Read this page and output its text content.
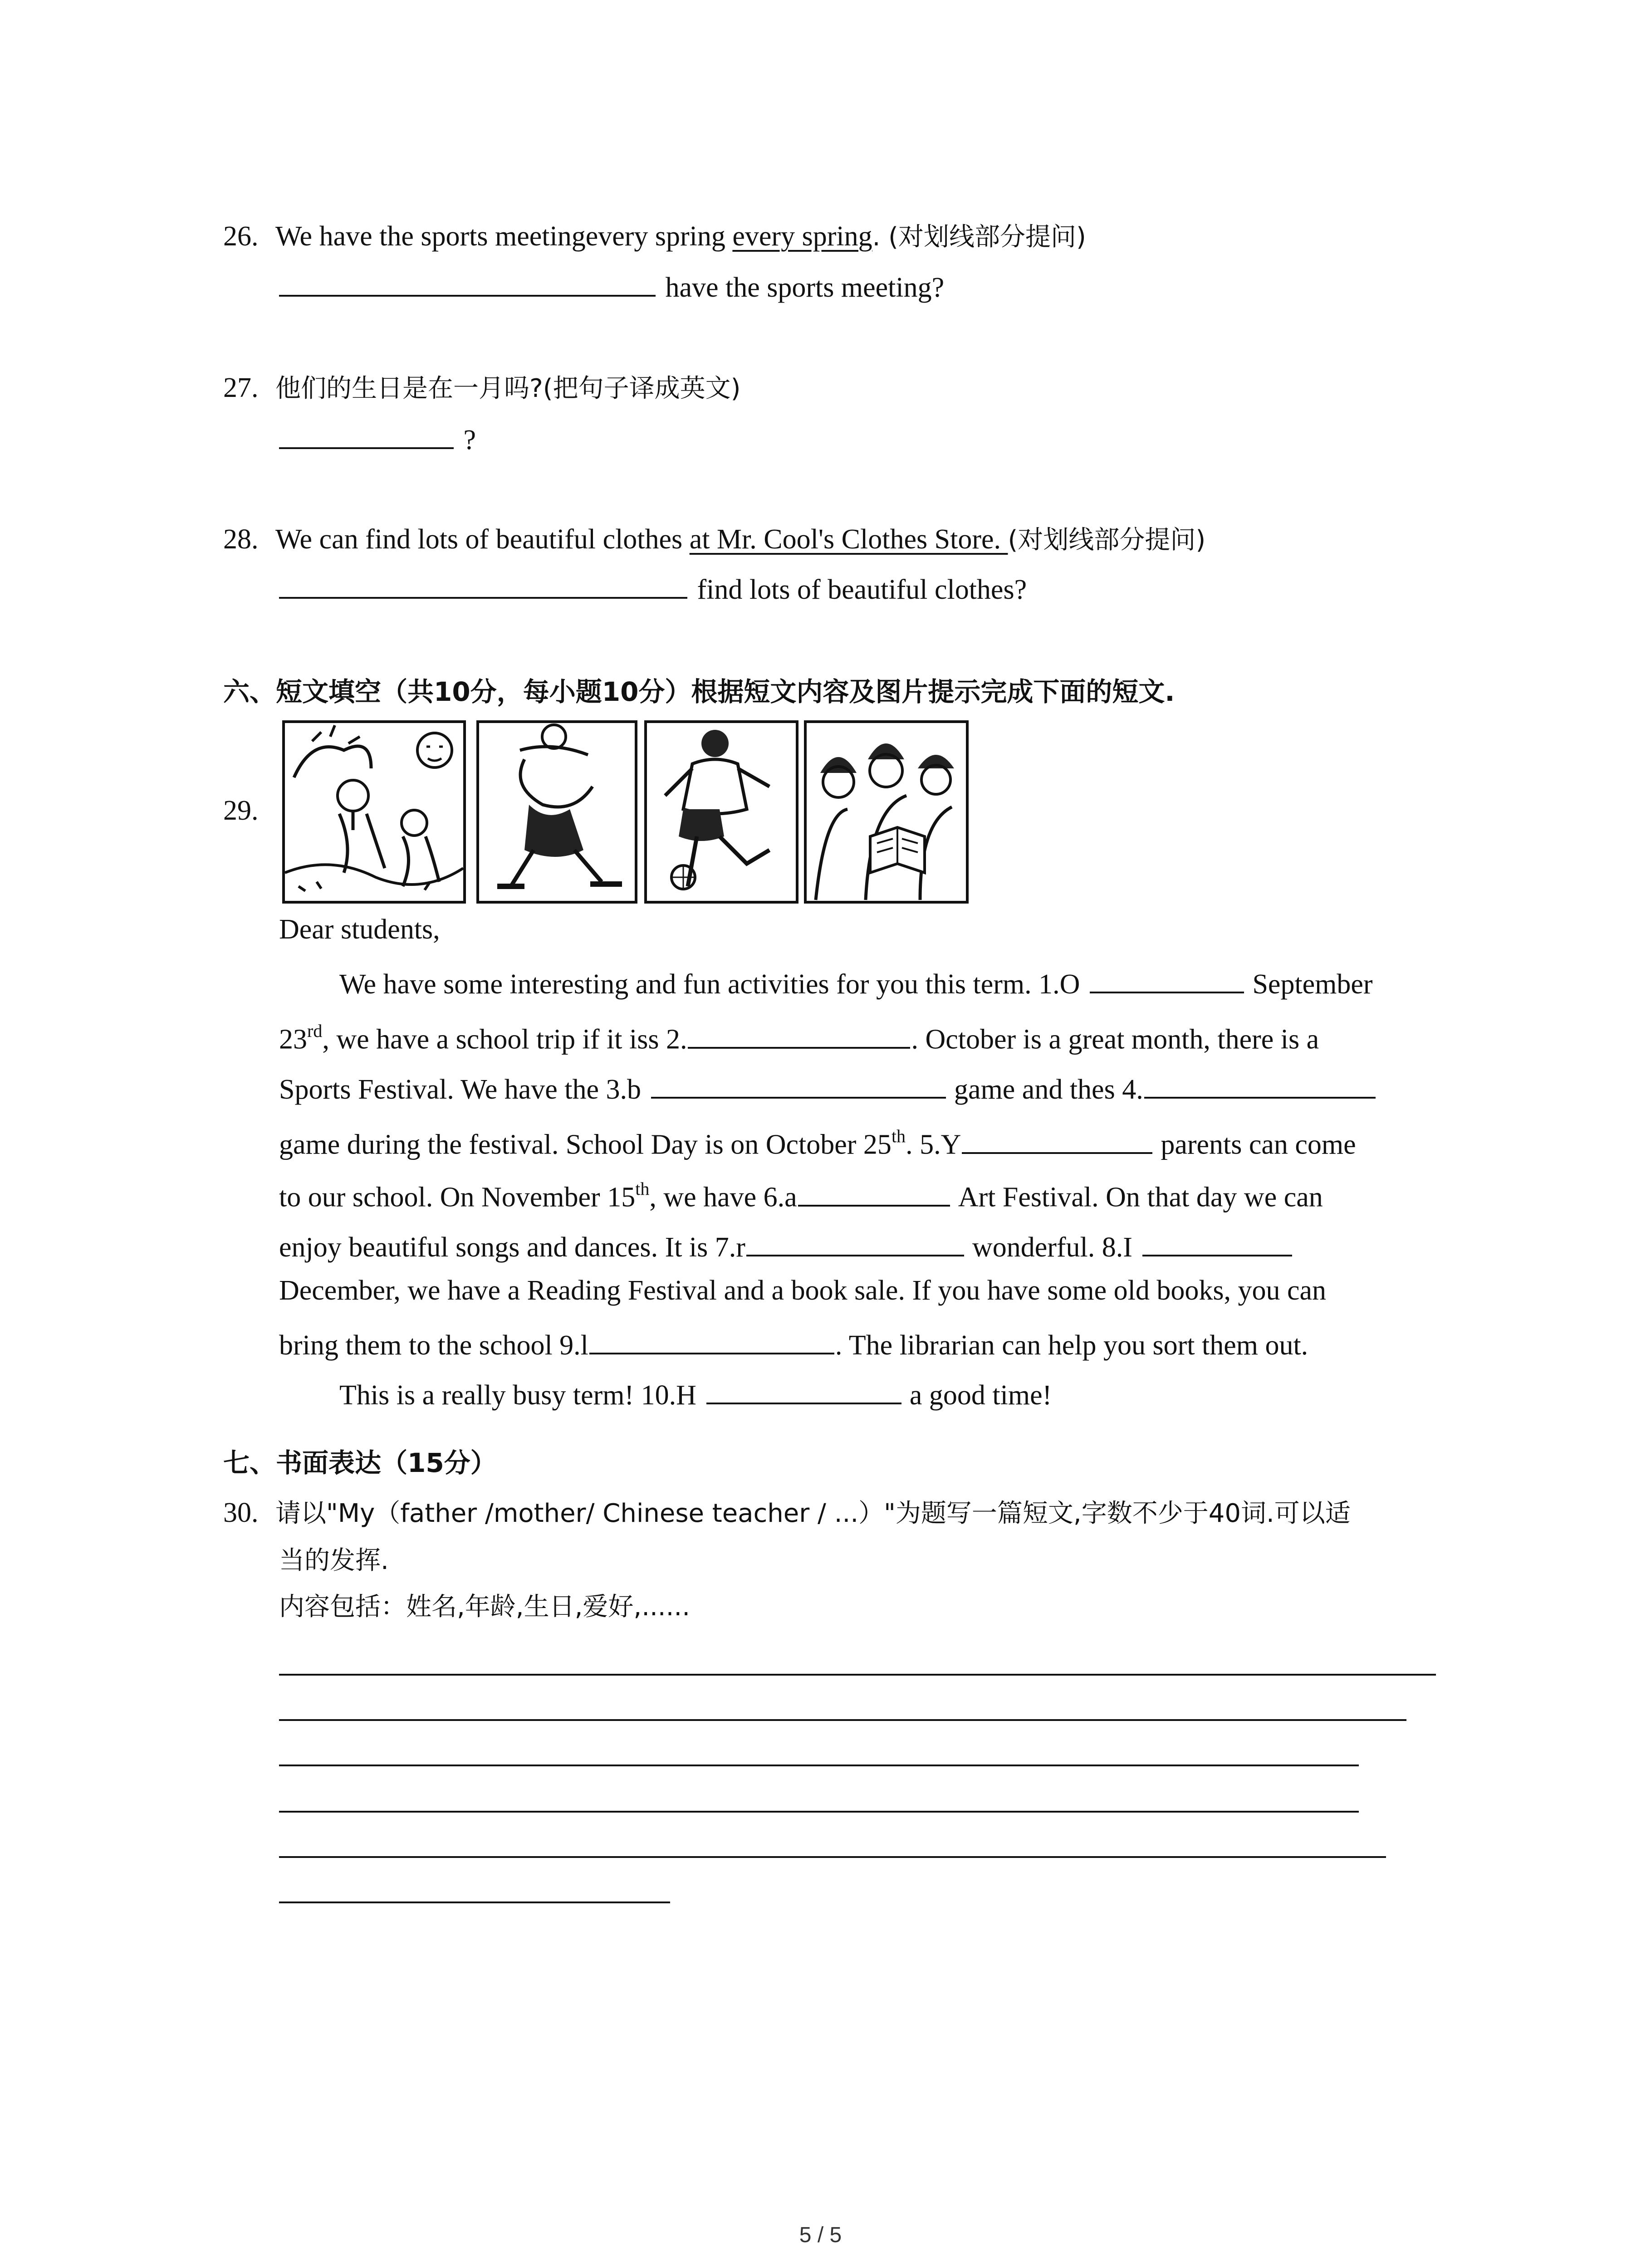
26. We have the sports meetingevery spring every spring. (对划线部分提问)
have the sports meeting?
27. 他们的生日是在一月吗?(把句子译成英文)
?
28. We can find lots of beautiful clothes at Mr. Cool's Clothes Store. (对划线部分提问)
find lots of beautiful clothes?
六、短文填空（共10分，每小题10分）根据短文内容及图片提示完成下面的短文.
29.
Dear students,
We have some interesting and fun activities for you this term. 1.O	September
23rd, we have a school trip if it iss 2.	. October is a great month, there is a
Sports Festival. We have the 3.b	game and thes 4.
game during the festival. School Day is on October 25th. 5.Y	parents can come
to our school. On November 15th, we have 6.a	Art Festival. On that day we can
enjoy beautiful songs and dances. It is 7.r	wonderful. 8.I
December, we have a Reading Festival and a book sale. If you have some old books, you can
bring them to the school 9.l	. The librarian can help you sort them out.
This is a really busy term! 10.H	a good time!
七、书面表达（15分）
30. 请以"My（father /mother/ Chinese teacher / ...）"为题写一篇短文,字数不少于40词.可以适
当的发挥.
内容包括：姓名,年龄,生日,爱好,......
5 / 5
